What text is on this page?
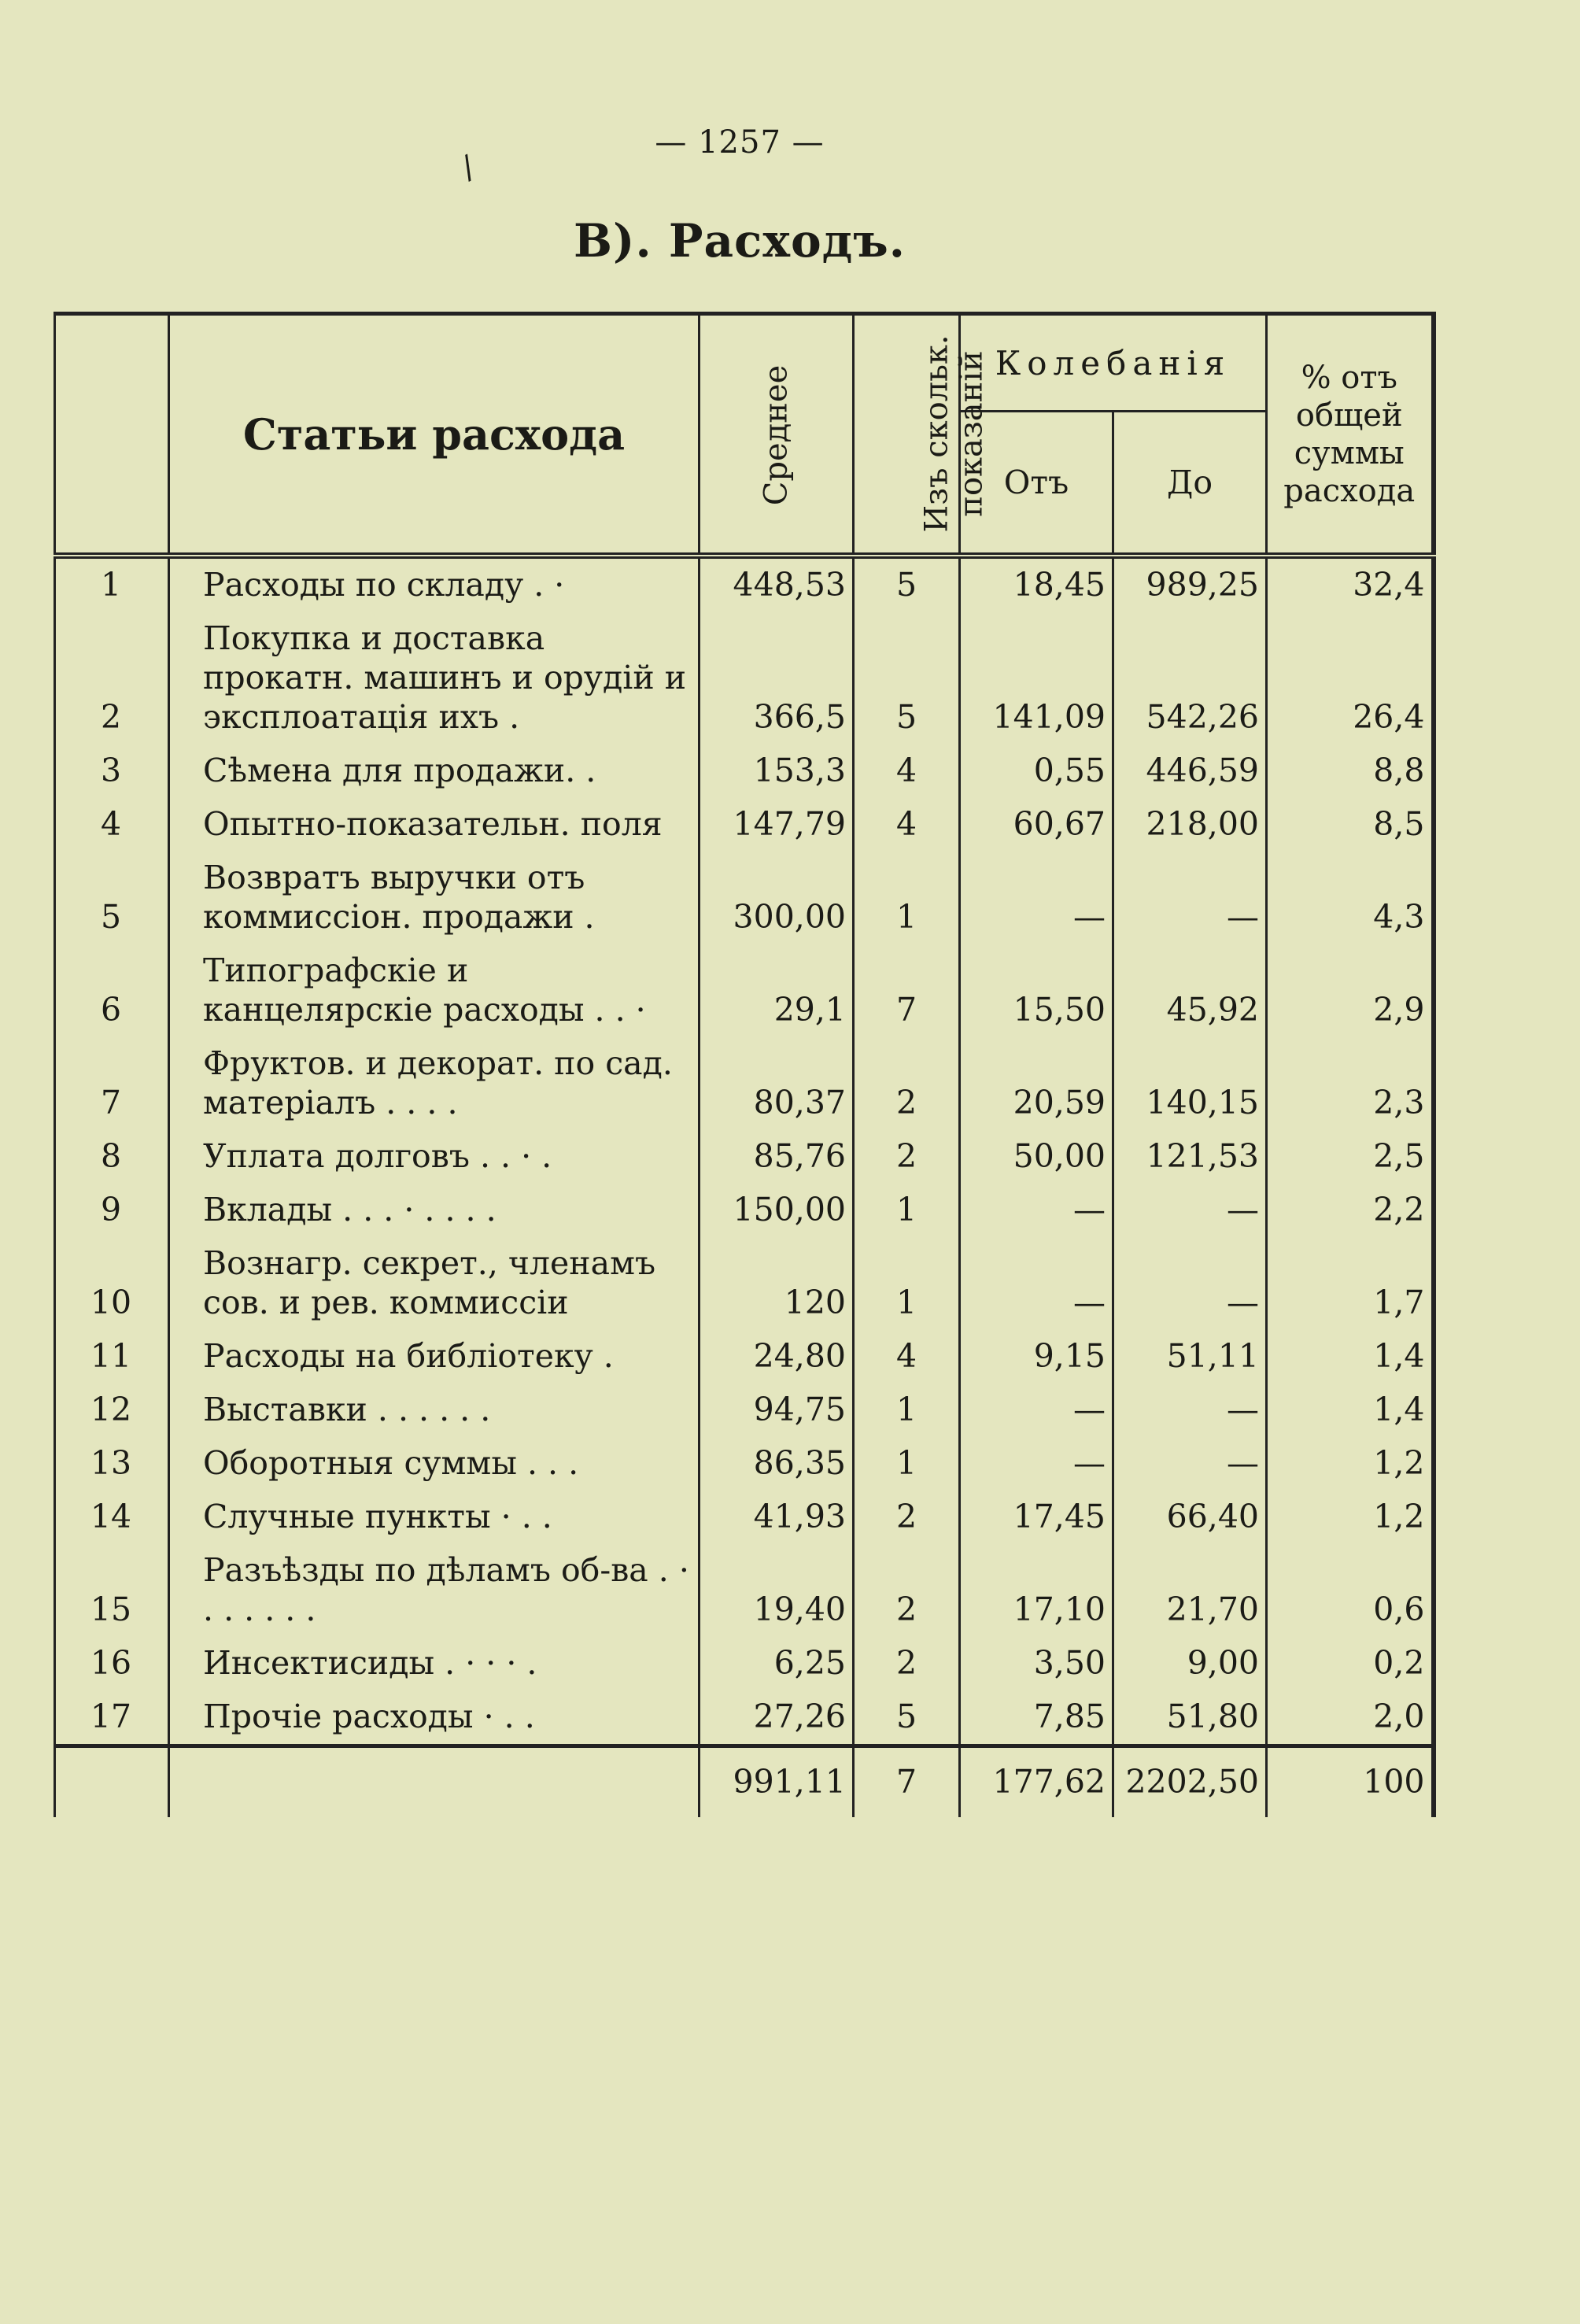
— 1257 —
/
B). Расходъ.
	Статьи расхода	Среднее	Изъ скольк.
показаній	Колебанія		% отъ
общей
суммы
расхода
				Отъ	До	
1	Расходы по складу . ·	448,53	5	18,45	989,25	32,4
2	Покупка и доставка прокатн. машинъ и орудій и эксплоатація ихъ .	366,5	5	141,09	542,26	26,4
3	Сѣмена для продажи. .	153,3	4	0,55	446,59	8,8
4	Опытно-показательн. поля	147,79	4	60,67	218,00	8,5
5	Возвратъ выручки отъ коммиссіон. продажи .	300,00	1	—	—	4,3
6	Типографскіе и канцелярскіе расходы . . ·	29,1	7	15,50	45,92	2,9
7	Фруктов. и декорат. по сад. матеріалъ . . . .	80,37	2	20,59	140,15	2,3
8	Уплата долговъ . . · .	85,76	2	50,00	121,53	2,5
9	Вклады . . . · . . . .	150,00	1	—	—	2,2
10	Вознагр. секрет., членамъ сов. и рев. коммиссіи	120	1	—	—	1,7
11	Расходы на библіотеку .	24,80	4	9,15	51,11	1,4
12	Выставки . . . . . .	94,75	1	—	—	1,4
13	Оборотныя суммы . . .	86,35	1	—	—	1,2
14	Случные пункты · . .	41,93	2	17,45	66,40	1,2
15	Разъѣзды по дѣламъ об-ва . · . . . . . .	19,40	2	17,10	21,70	0,6
16	Инсектисиды . · · · .	6,25	2	3,50	9,00	0,2
17	Прочіе расходы · . .	27,26	5	7,85	51,80	2,0
		991,11	7	177,62	2202,50	100
